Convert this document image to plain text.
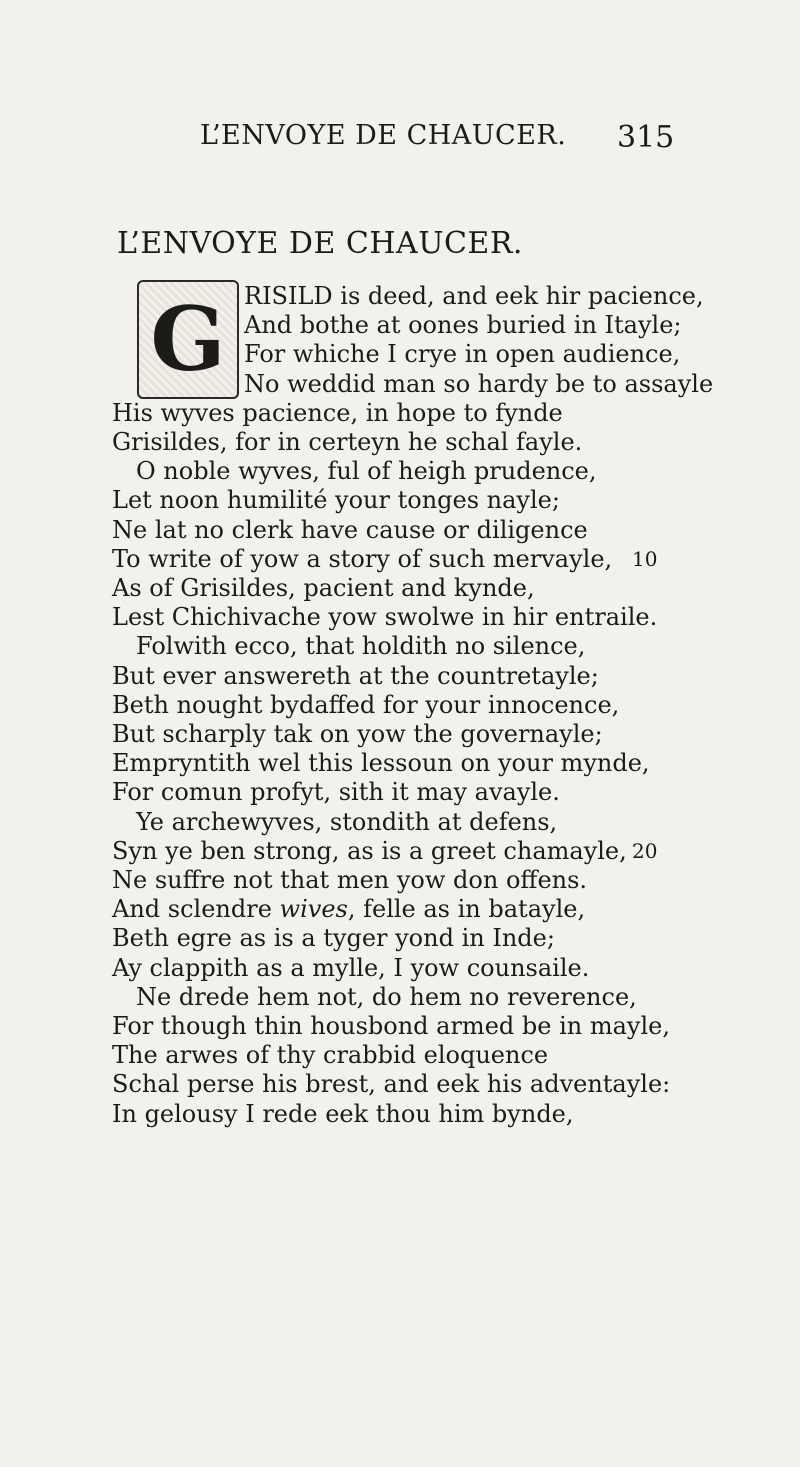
L’ENVOYE DE CHAUCER. 315
L’ENVOYE DE CHAUCER.
G RISILD is deed, and eek hir pacience,
And bothe at oones buried in Itayle;
For whiche I crye in open audience,
No weddid man so hardy be to assayle
His wyves pacience, in hope to fynde
Grisildes, for in certeyn he schal fayle.
O noble wyves, ful of heigh prudence,
Let noon humilité your tonges nayle;
Ne lat no clerk have cause or diligence
To write of yow a story of such mervayle, 10
As of Grisildes, pacient and kynde,
Lest Chichivache yow swolwe in hir entraile.
Folwith ecco, that holdith no silence,
But ever answereth at the countretayle;
Beth nought bydaffed for your innocence,
But scharply tak on yow the governayle;
Empryntith wel this lessoun on your mynde,
For comun profyt, sith it may avayle.
Ye archewyves, stondith at defens,
Syn ye ben strong, as is a greet chamayle, 20
Ne suffre not that men yow don offens.
And sclendre wives, felle as in batayle,
Beth egre as is a tyger yond in Inde;
Ay clappith as a mylle, I yow counsaile.
Ne drede hem not, do hem no reverence,
For though thin housbond armed be in mayle,
The arwes of thy crabbid eloquence
Schal perse his brest, and eek his adventayle:
In gelousy I rede eek thou him bynde,
